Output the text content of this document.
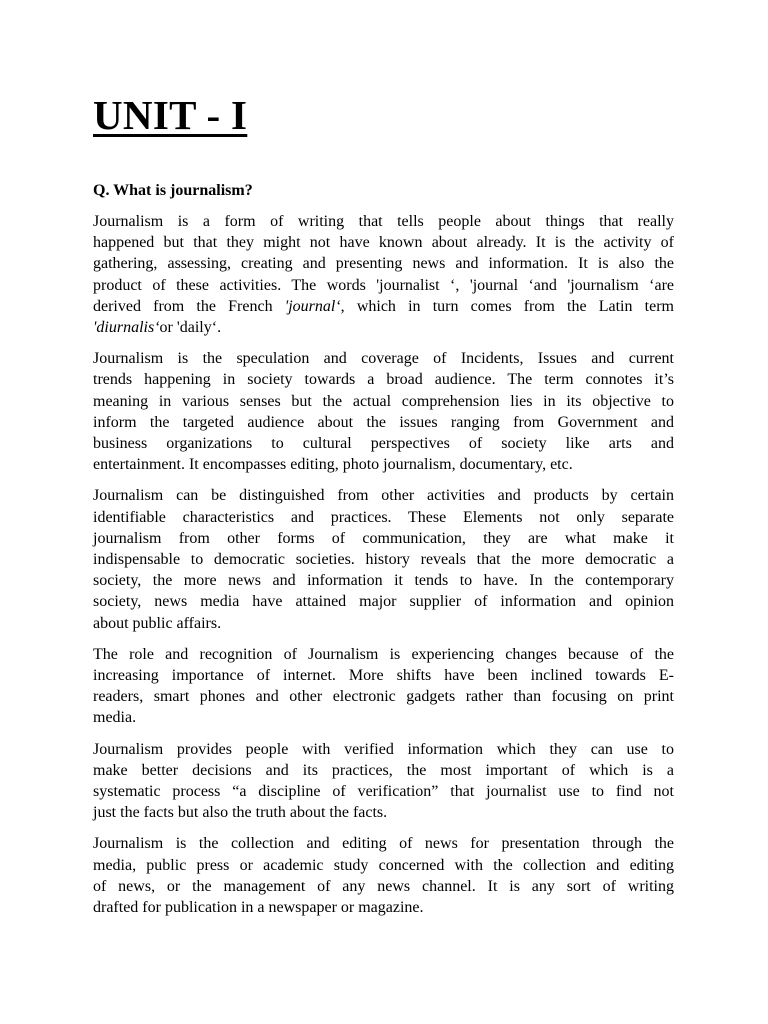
UNIT - I

Q. What is journalism?

Journalism is a form of writing that tells people about things that really
happened but that they might not have known about already. It is the activity of
gathering, assessing, creating and presenting news and information. It is also the
product of these activities. The words 'journalist ‘, 'journal ‘and 'journalism ‘are
derived from the French 'journal‘, which in turn comes from the Latin term
'diurnalis‘or 'daily‘.

Journalism is the speculation and coverage of Incidents, Issues and current
trends happening in society towards a broad audience. The term connotes it’s
meaning in various senses but the actual comprehension lies in its objective to
inform the targeted audience about the issues ranging from Government and
business organizations to cultural perspectives of society like arts and
entertainment. It encompasses editing, photo journalism, documentary, etc.

Journalism can be distinguished from other activities and products by certain
identifiable characteristics and practices. These Elements not only separate
journalism from other forms of communication, they are what make it
indispensable to democratic societies. history reveals that the more democratic a
society, the more news and information it tends to have. In the contemporary
society, news media have attained major supplier of information and opinion
about public affairs.

The role and recognition of Journalism is experiencing changes because of the
increasing importance of internet. More shifts have been inclined towards E-
readers, smart phones and other electronic gadgets rather than focusing on print
media.

Journalism provides people with verified information which they can use to
make better decisions and its practices, the most important of which is a
systematic process “a discipline of verification” that journalist use to find not
just the facts but also the truth about the facts.

Journalism is the collection and editing of news for presentation through the
media, public press or academic study concerned with the collection and editing
of news, or the management of any news channel. It is any sort of writing
drafted for publication in a newspaper or magazine.
